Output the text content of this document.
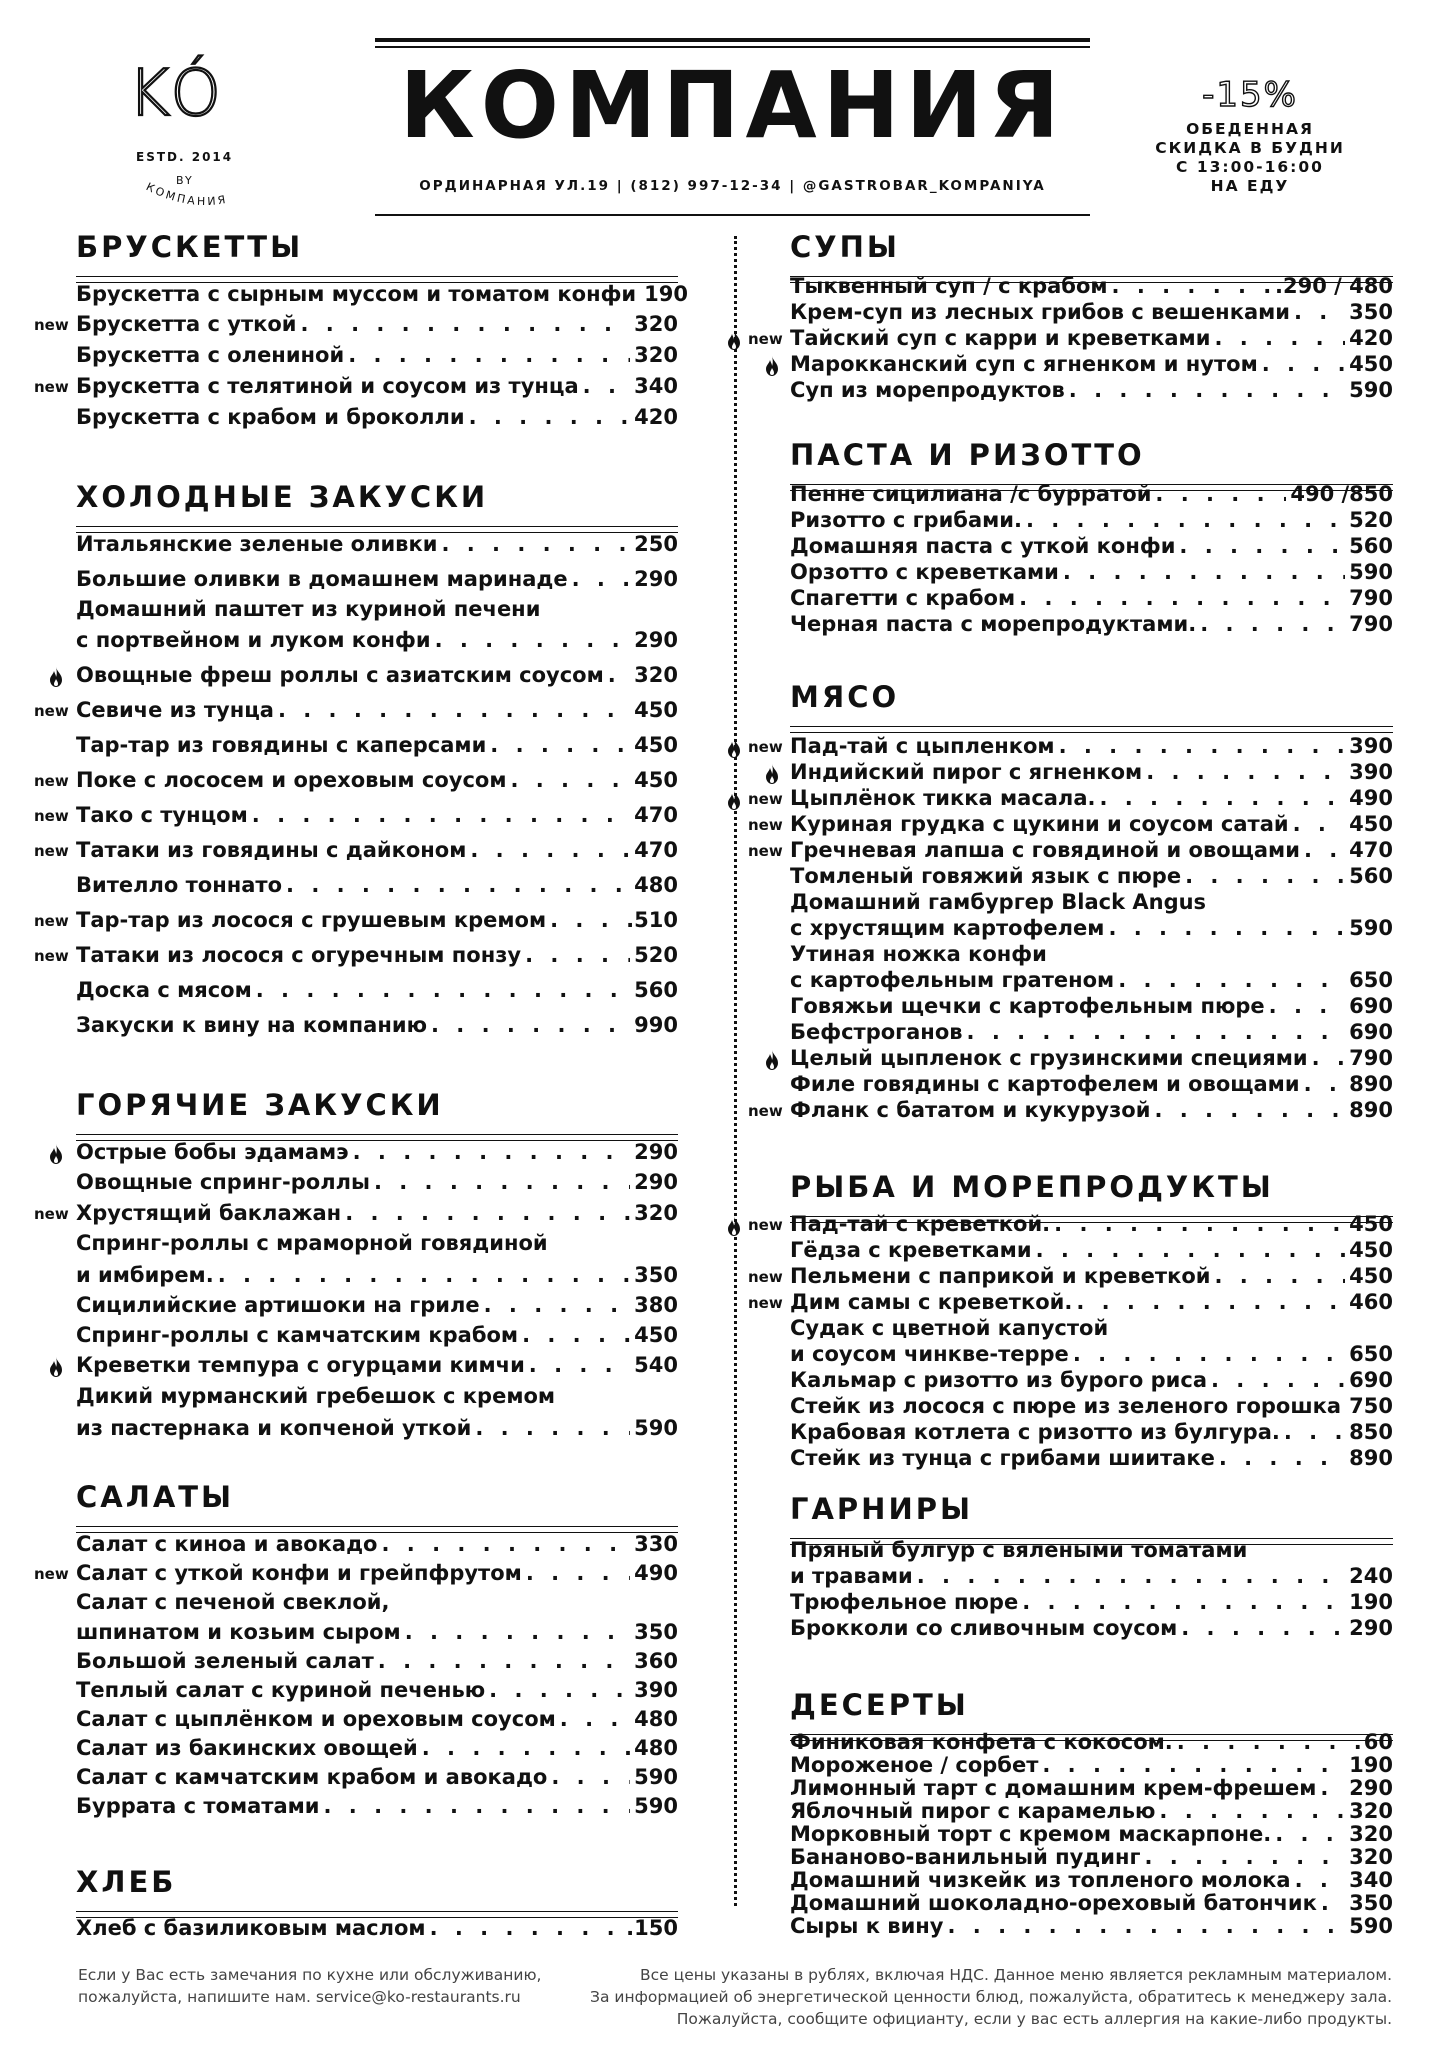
KÓ
ESTD. 2014
BY
КОМПАНИЯ
КОМПАНИЯ
ОРДИНАРНАЯ УЛ.19 | (812) 997-12-34 | @GASTROBAR_KOMPANIYA
-15%
ОБЕДЕННАЯ
СКИДКА В БУДНИ
С 13:00-16:00
НА ЕДУ
БРУСКЕТТЫ
Брускетта с сырным муссом и томатом конфи 190
Брускетта с уткой . . .	320
new
Брускетта с олениной . . .	320
Брускетта с телятиной и соусом из тунца . . .	340
new
Брускетта с крабом и броколли . . .	420
ХОЛОДНЫЕ ЗАКУСКИ
Итальянские зеленые оливки . . .	250
Большие оливки в домашнем маринаде . . .	290
Домашний паштет из куриной печени
с портвейном и луком конфи . . .	290
Овощные фреш роллы с азиатским соусом . . . 320
Севиче из тунца . . .	450
new
Тар-тар из говядины с каперсами . . .	450
Поке с лососем и ореховым соусом . . .	450
new
Тако с тунцом . . .	470
new
Татаки из говядины с дайконом . . .	470
new
Вителло тоннато . . .	480
Тар-тар из лосося с грушевым кремом . . .	.510
new
Татаки из лосося с огуречным понзу . . .	520
new
Доска с мясом . . .	560
Закуски к вину на компанию . . .	990
ГОРЯЧИЕ ЗАКУСКИ
Острые бобы эдамамэ . . .	290
Овощные спринг-роллы . . .	290
Хрустящий баклажан . . .	320
new
Спринг-роллы с мраморной говядиной
и имбирем. . . .	350
Сицилийские артишоки на гриле . . .	380
Спринг-роллы с камчатским крабом . . .	450
Креветки темпура с огурцами кимчи . . .	540
Дикий мурманский гребешок с кремом
из пастернака и копченой уткой . . .	590
САЛАТЫ
Салат с киноа и авокадо . . .	330
Салат с уткой конфи и грейпфрутом . . .	490
new
Салат с печеной свеклой,
шпинатом и козьим сыром . . .	350
Большой зеленый салат . . .	360
Теплый салат с куриной печенью . . .	390
Салат с цыплёнком и ореховым соусом . . .	480
Салат из бакинских овощей . . .	480
Салат с камчатским крабом и авокадо . . .	590
Буррата с томатами . . .	590
ХЛЕБ
Хлеб с базиликовым маслом . . .	.150
СУПЫ
Тыквенный суп / с крабом . . .	.290 / 480
Крем-суп из лесных грибов с вешенками . . .	350
Тайский суп с карри и креветками . . .	420
new
Марокканский суп с ягненком и нутом . . .	450
Суп из морепродуктов . . .	590
ПАСТА И РИЗОТТО
Пенне сицилиана /с бурратой . . .	490 /850
Ризотто с грибами. . . .	520
Домашняя паста с уткой конфи . . .	560
Орзотто с креветками . . .	590
Спагетти с крабом . . .	790
Черная паста с морепродуктами. . . .	790
МЯСО
Пад-тай с цыпленком . . .	390
new
Индийский пирог с ягненком . . .	390
Цыплёнок тикка масала. . . .	490
new
Куриная грудка с цукини и соусом сатай . . .	450
new
Гречневая лапша с говядиной и овощами . . . 470
new
Томленый говяжий язык с пюре . . .	560
Домашний гамбургер Black Angus
с хрустящим картофелем . . .	590
Утиная ножка конфи
с картофельным гратеном . . .	650
Говяжьи щечки с картофельным пюре . . .	690
Бефстроганов . . .	690
Целый цыпленок с грузинскими специями . . . 790
Филе говядины с картофелем и овощами . . . 890
Фланк с бататом и кукурузой . . .	890
new
РЫБА И МОРЕПРОДУКТЫ
Пад-тай с креветкой. . . .	450
new
Гёдза с креветками . . .	450
Пельмени с паприкой и креветкой . . .	450
new
Дим самы с креветкой. . . .	460
new
Судак с цветной капустой
и соусом чинкве-терре . . .	650
Кальмар с ризотто из бурого риса . . .	690
Стейк из лосося с пюре из зеленого горошка . . . 750
Крабовая котлета с ризотто из булгура. . . .	850
Стейк из тунца с грибами шиитаке . . .	890
ГАРНИРЫ
Пряный булгур с вялеными томатами
и травами . . .	240
Трюфельное пюре . . .	190
Брокколи со сливочным соусом . . .	290
ДЕСЕРТЫ
Финиковая конфета с кокосом. . . .	60
Мороженое / сорбет . . .	190
Лимонный тарт с домашним крем-фрешем . . . 290
Яблочный пирог с карамелью . . .	320
Морковный торт с кремом маскарпоне. . . .	320
Бананово-ванильный пудинг . . .	320
Домашний чизкейк из топленого молока . . .	340
Домашний шоколадно-ореховый батончик . . . 350
Сыры к вину . . .	590
Если у Вас есть замечания по кухне или обслуживанию,
пожалуйста, напишите нам. service@ko-restaurants.ru
Все цены указаны в рублях, включая НДС. Данное меню является рекламным материалом.
За информацией об энергетической ценности блюд, пожалуйста, обратитесь к менеджеру зала.
Пожалуйста, сообщите официанту, если у вас есть аллергия на какие-либо продукты.
